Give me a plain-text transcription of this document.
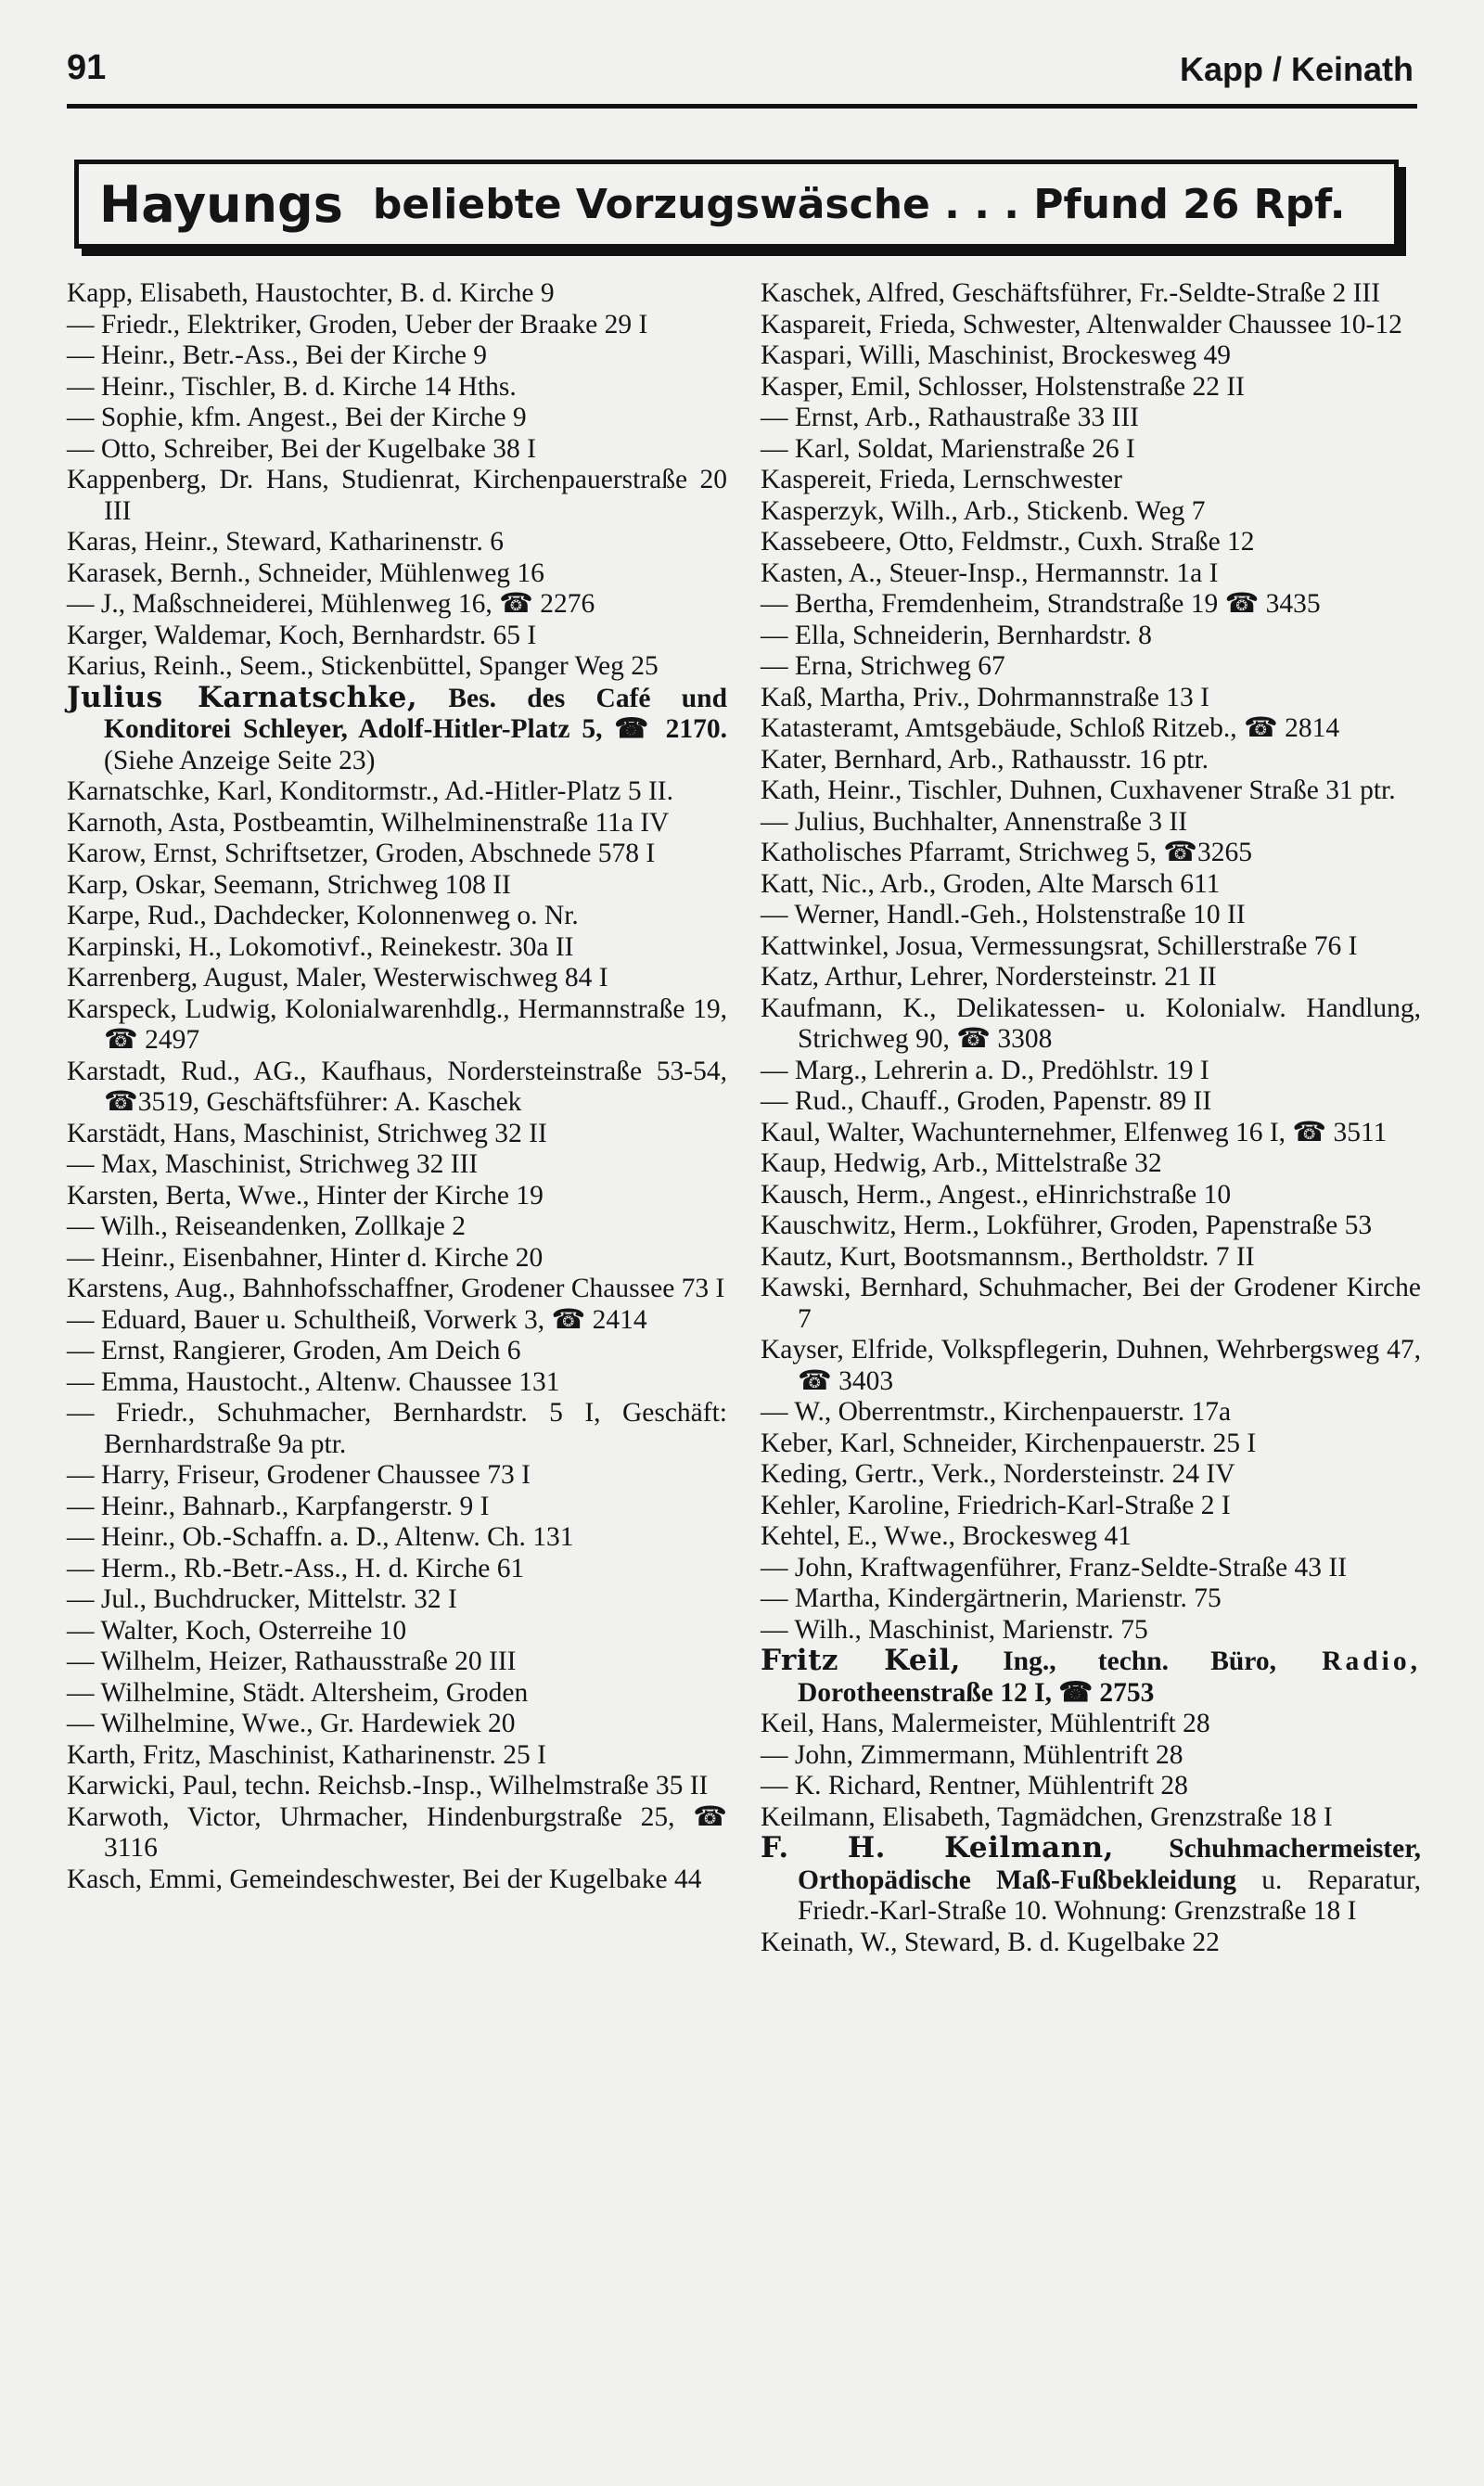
91	Kapp / Keinath
Hayungs beliebte Vorzugswäsche . . . Pfund 26 Rpf.
Kapp, Elisabeth, Haustochter, B. d. Kirche 9
— Friedr., Elektriker, Groden, Ueber der Braake 29 I
— Heinr., Betr.-Ass., Bei der Kirche 9
— Heinr., Tischler, B. d. Kirche 14 Hths.
— Sophie, kfm. Angest., Bei der Kirche 9
— Otto, Schreiber, Bei der Kugelbake 38 I
Kappenberg, Dr. Hans, Studienrat, Kirchenpauerstraße 20 III
Karas, Heinr., Steward, Katharinenstr. 6
Karasek, Bernh., Schneider, Mühlenweg 16
— J., Maßschneiderei, Mühlenweg 16, ☎ 2276
Karger, Waldemar, Koch, Bernhardstr. 65 I
Karius, Reinh., Seem., Stickenbüttel, Spanger Weg 25
Julius Karnatschke, Bes. des Café und Konditorei Schleyer, Adolf-Hitler-Platz 5, ☎ 2170. (Siehe Anzeige Seite 23)
Karnatschke, Karl, Konditormstr., Ad.-Hitler-Platz 5 II.
Karnoth, Asta, Postbeamtin, Wilhelminenstraße 11a IV
Karow, Ernst, Schriftsetzer, Groden, Abschnede 578 I
Karp, Oskar, Seemann, Strichweg 108 II
Karpe, Rud., Dachdecker, Kolonnenweg o. Nr.
Karpinski, H., Lokomotivf., Reinekestr. 30a II
Karrenberg, August, Maler, Westerwischweg 84 I
Karspeck, Ludwig, Kolonialwarenhdlg., Hermannstraße 19, ☎ 2497
Karstadt, Rud., AG., Kaufhaus, Nordersteinstraße 53-54, ☎3519, Geschäftsführer: A. Kaschek
Karstädt, Hans, Maschinist, Strichweg 32 II
— Max, Maschinist, Strichweg 32 III
Karsten, Berta, Wwe., Hinter der Kirche 19
— Wilh., Reiseandenken, Zollkaje 2
— Heinr., Eisenbahner, Hinter d. Kirche 20
Karstens, Aug., Bahnhofsschaffner, Grodener Chaussee 73 I
— Eduard, Bauer u. Schultheiß, Vorwerk 3, ☎ 2414
— Ernst, Rangierer, Groden, Am Deich 6
— Emma, Haustocht., Altenw. Chaussee 131
— Friedr., Schuhmacher, Bernhardstr. 5 I, Geschäft: Bernhardstraße 9a ptr.
— Harry, Friseur, Grodener Chaussee 73 I
— Heinr., Bahnarb., Karpfangerstr. 9 I
— Heinr., Ob.-Schaffn. a. D., Altenw. Ch. 131
— Herm., Rb.-Betr.-Ass., H. d. Kirche 61
— Jul., Buchdrucker, Mittelstr. 32 I
— Walter, Koch, Osterreihe 10
— Wilhelm, Heizer, Rathausstraße 20 III
— Wilhelmine, Städt. Altersheim, Groden
— Wilhelmine, Wwe., Gr. Hardewiek 20
Karth, Fritz, Maschinist, Katharinenstr. 25 I
Karwicki, Paul, techn. Reichsb.-Insp., Wilhelmstraße 35 II
Karwoth, Victor, Uhrmacher, Hindenburgstraße 25, ☎ 3116
Kasch, Emmi, Gemeindeschwester, Bei der Kugelbake 44
Kaschek, Alfred, Geschäftsführer, Fr.-Seldte-Straße 2 III
Kaspareit, Frieda, Schwester, Altenwalder Chaussee 10-12
Kaspari, Willi, Maschinist, Brockesweg 49
Kasper, Emil, Schlosser, Holstenstraße 22 II
— Ernst, Arb., Rathaustraße 33 III
— Karl, Soldat, Marienstraße 26 I
Kaspereit, Frieda, Lernschwester
Kasperzyk, Wilh., Arb., Stickenb. Weg 7
Kassebeere, Otto, Feldmstr., Cuxh. Straße 12
Kasten, A., Steuer-Insp., Hermannstr. 1a I
— Bertha, Fremdenheim, Strandstraße 19 ☎ 3435
— Ella, Schneiderin, Bernhardstr. 8
— Erna, Strichweg 67
Kaß, Martha, Priv., Dohrmannstraße 13 I
Katasteramt, Amtsgebäude, Schloß Ritzeb., ☎ 2814
Kater, Bernhard, Arb., Rathausstr. 16 ptr.
Kath, Heinr., Tischler, Duhnen, Cuxhavener Straße 31 ptr.
— Julius, Buchhalter, Annenstraße 3 II
Katholisches Pfarramt, Strichweg 5, ☎3265
Katt, Nic., Arb., Groden, Alte Marsch 611
— Werner, Handl.-Geh., Holstenstraße 10 II
Kattwinkel, Josua, Vermessungsrat, Schillerstraße 76 I
Katz, Arthur, Lehrer, Nordersteinstr. 21 II
Kaufmann, K., Delikatessen- u. Kolonialw. Handlung, Strichweg 90, ☎ 3308
— Marg., Lehrerin a. D., Predöhlstr. 19 I
— Rud., Chauff., Groden, Papenstr. 89 II
Kaul, Walter, Wachunternehmer, Elfenweg 16 I, ☎ 3511
Kaup, Hedwig, Arb., Mittelstraße 32
Kausch, Herm., Angest., eHinrichstraße 10
Kauschwitz, Herm., Lokführer, Groden, Papenstraße 53
Kautz, Kurt, Bootsmannsm., Bertholdstr. 7 II
Kawski, Bernhard, Schuhmacher, Bei der Grodener Kirche 7
Kayser, Elfride, Volkspflegerin, Duhnen, Wehrbergsweg 47, ☎ 3403
— W., Oberrentmstr., Kirchenpauerstr. 17a
Keber, Karl, Schneider, Kirchenpauerstr. 25 I
Keding, Gertr., Verk., Nordersteinstr. 24 IV
Kehler, Karoline, Friedrich-Karl-Straße 2 I
Kehtel, E., Wwe., Brockesweg 41
— John, Kraftwagenführer, Franz-Seldte-Straße 43 II
— Martha, Kindergärtnerin, Marienstr. 75
— Wilh., Maschinist, Marienstr. 75
Fritz Keil, Ing., techn. Büro, Radio, Dorotheenstraße 12 I, ☎ 2753
Keil, Hans, Malermeister, Mühlentrift 28
— John, Zimmermann, Mühlentrift 28
— K. Richard, Rentner, Mühlentrift 28
Keilmann, Elisabeth, Tagmädchen, Grenzstraße 18 I
F. H. Keilmann, Schuhmachermeister, Orthopädische Maß-Fußbekleidung u. Reparatur, Friedr.-Karl-Straße 10. Wohnung: Grenzstraße 18 I
Keinath, W., Steward, B. d. Kugelbake 22
